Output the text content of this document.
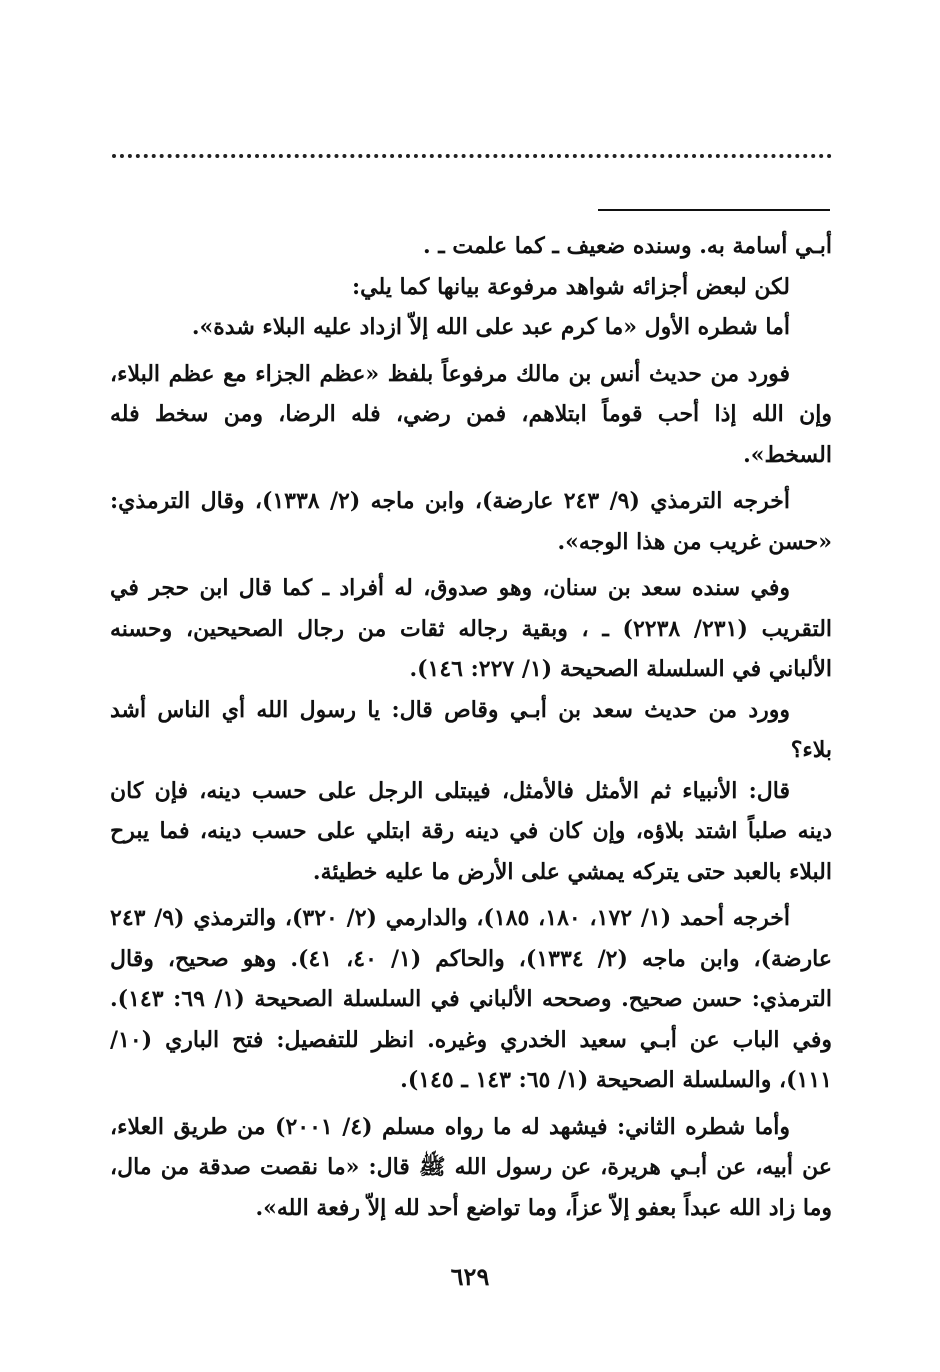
أبـي أسامة به. وسنده ضعيف ـ كما علمت ـ .

لكن لبعض أجزائه شواهد مرفوعة بيانها كما يلي:

أما شطره الأول «ما كرم عبد على الله إلاّ ازداد عليه البلاء شدة».

فورد من حديث أنس بن مالك مرفوعاً بلفظ «عظم الجزاء مع عظم البلاء، وإن الله إذا أحب قوماً ابتلاهم، فمن رضي، فله الرضا، ومن سخط فله السخط».

أخرجه الترمذي (٩/ ٢٤٣ عارضة)، وابن ماجه (٢/ ١٣٣٨)، وقال الترمذي: «حسن غريب من هذا الوجه».

وفي سنده سعد بن سنان، وهو صدوق، له أفراد ـ كما قال ابن حجر في التقريب (٢٣١/ ٢٢٣٨) ـ ، وبقية رجاله ثقات من رجال الصحيحين، وحسنه الألباني في السلسلة الصحيحة (١/ ٢٢٧: ١٤٦).

وورد من حديث سعد بن أبـي وقاص قال: يا رسول الله أي الناس أشد بلاء؟

قال: الأنبياء ثم الأمثل فالأمثل، فيبتلى الرجل على حسب دينه، فإن كان دينه صلباً اشتد بلاؤه، وإن كان في دينه رقة ابتلي على حسب دينه، فما يبرح البلاء بالعبد حتى يتركه يمشي على الأرض ما عليه خطيئة.

أخرجه أحمد (١/ ١٧٢، ١٨٠، ١٨٥)، والدارمي (٢/ ٣٢٠)، والترمذي (٩/ ٢٤٣ عارضة)، وابن ماجه (٢/ ١٣٣٤)، والحاكم (١/ ٤٠، ٤١). وهو صحيح، وقال الترمذي: حسن صحيح. وصححه الألباني في السلسلة الصحيحة (١/ ٦٩: ١٤٣). وفي الباب عن أبـي سعيد الخدري وغيره. انظر للتفصيل: فتح الباري (١٠/ ١١١)، والسلسلة الصحيحة (١/ ٦٥: ١٤٣ ـ ١٤٥).

وأما شطره الثاني: فيشهد له ما رواه مسلم (٤/ ٢٠٠١) من طريق العلاء، عن أبيه، عن أبـي هريرة، عن رسول الله ﷺ قال: «ما نقصت صدقة من مال، وما زاد الله عبداً بعفو إلاّ عزاً، وما تواضع أحد لله إلاّ رفعة الله».

٦٢٩
